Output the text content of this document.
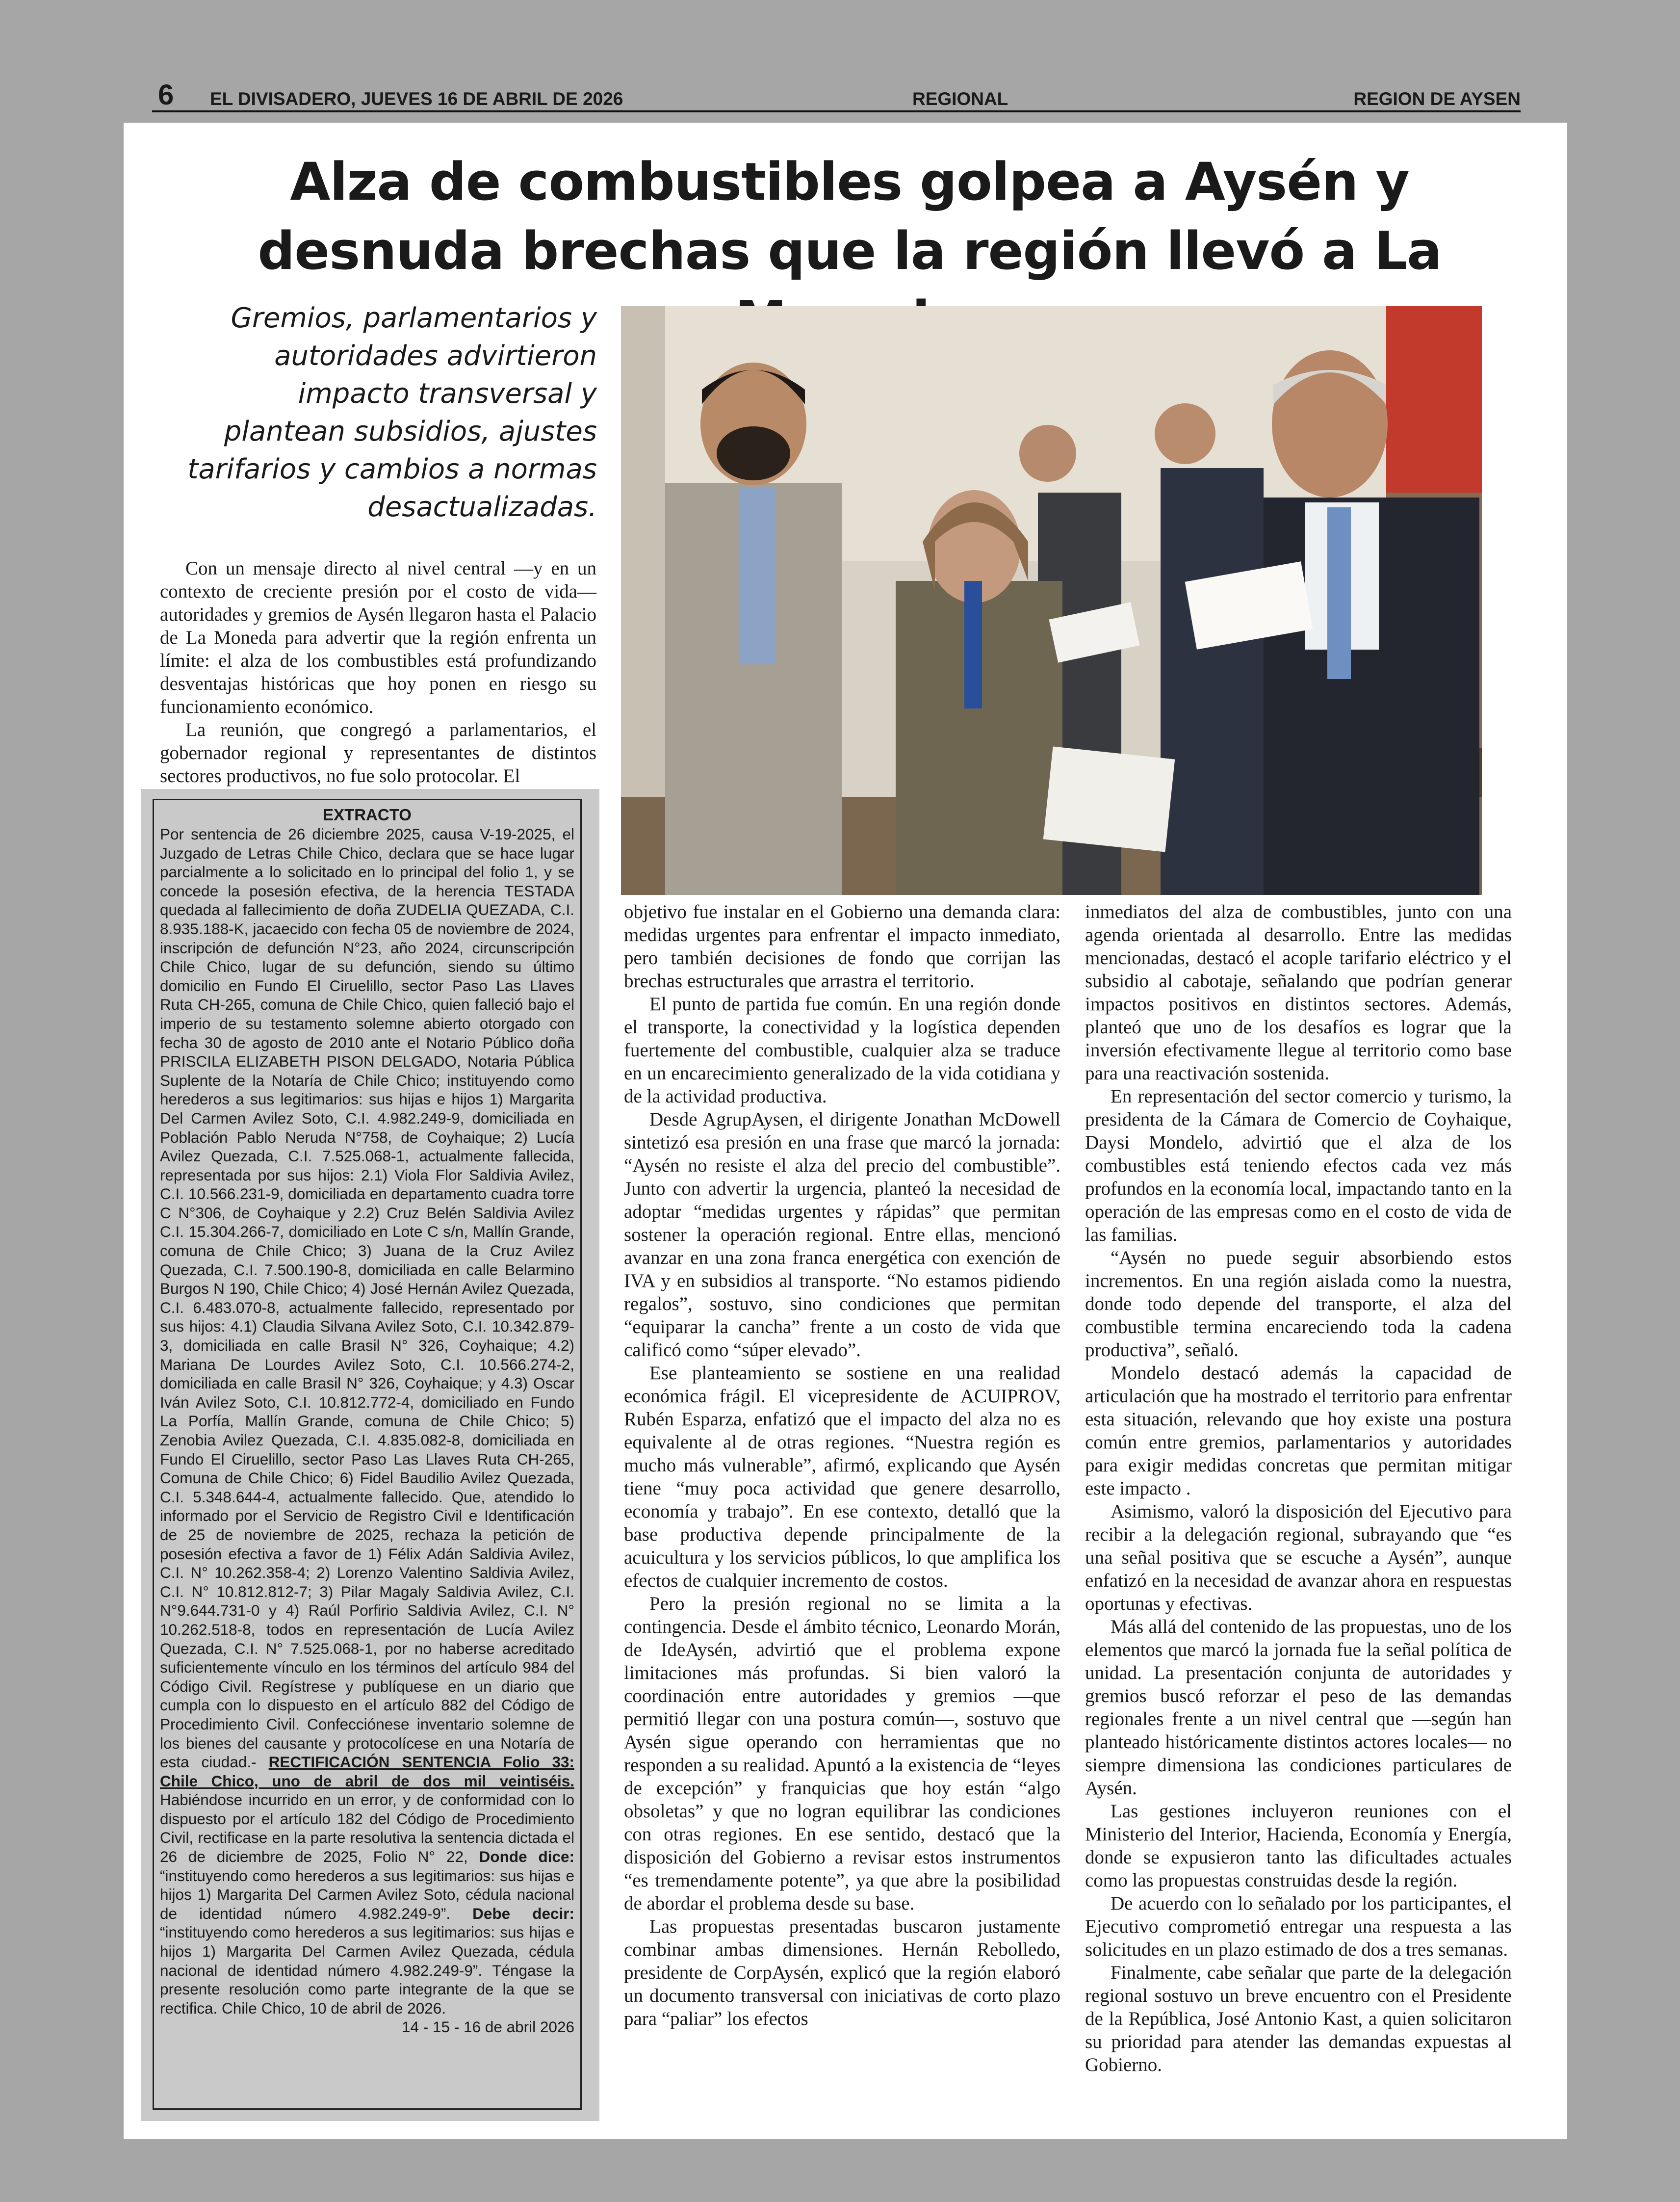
6 EL DIVISADERO, JUEVES 16 DE ABRIL DE 2026	REGIONAL	REGION DE AYSEN
Alza de combustibles golpea a Aysén y desnuda brechas que la región llevó a La

Gremios, parlamentarios y autoridades advirtieron impacto transversal y plantean subsidios, ajustes tarifarios y cambios a normas desactualizadas.

Con un mensaje directo al nivel central —y en un contexto de creciente presión por el costo de vida— autoridades y gremios de Aysén llegaron hasta el Palacio de La Moneda para advertir que la región enfrenta un límite: el alza de los combustibles está profundizando desventajas históricas que hoy ponen en riesgo su funcionamiento económico.

La reunión, que congregó a parlamentarios, el gobernador regional y representantes de distintos sectores productivos, no fue solo protocolar. El

EXTRACTO
Por sentencia de 26 diciembre 2025, causa V-19-2025, el Juzgado de Letras Chile Chico, declara que se hace lugar parcialmente a lo solicitado en lo principal del folio 1, y se concede la posesión efectiva, de la herencia TESTADA quedada al fallecimiento de doña ZUDELIA QUEZADA, C.I. 8.935.188-K, jacaecido con fecha 05 de noviembre de 2024, inscripción de defunción N°23, año 2024, circunscripción Chile Chico, lugar de su defunción, siendo su último domicilio en Fundo El Ciruelillo, sector Paso Las Llaves Ruta CH-265, comuna de Chile Chico, quien falleció bajo el imperio de su testamento solemne abierto otorgado con fecha 30 de agosto de 2010 ante el Notario Público doña PRISCILA ELIZABETH PISON DELGADO, Notaria Pública Suplente de la Notaría de Chile Chico; instituyendo como herederos a sus legitimarios: sus hijas e hijos 1) Margarita Del Carmen Avilez Soto, C.I. 4.982.249-9, domiciliada en Población Pablo Neruda N°758, de Coyhaique; 2) Lucía Avilez Quezada, C.I. 7.525.068-1, actualmente fallecida, representada por sus hijos: 2.1) Viola Flor Saldivia Avilez, C.I. 10.566.231-9, domiciliada en departamento cuadra torre C N°306, de Coyhaique y 2.2) Cruz Belén Saldivia Avilez C.I. 15.304.266-7, domiciliado en Lote C s/n, Mallín Grande, comuna de Chile Chico; 3) Juana de la Cruz Avilez Quezada, C.I. 7.500.190-8, domiciliada en calle Belarmino Burgos N 190, Chile Chico; 4) José Hernán Avilez Quezada, C.I. 6.483.070-8, actualmente fallecido, representado por sus hijos: 4.1) Claudia Silvana Avilez Soto, C.I. 10.342.879-3, domiciliada en calle Brasil N° 326, Coyhaique; 4.2) Mariana De Lourdes Avilez Soto, C.I. 10.566.274-2, domiciliada en calle Brasil N° 326, Coyhaique; y 4.3) Oscar Iván Avilez Soto, C.I. 10.812.772-4, domiciliado en Fundo La Porfía, Mallín Grande, comuna de Chile Chico; 5) Zenobia Avilez Quezada, C.I. 4.835.082-8, domiciliada en Fundo El Ciruelillo, sector Paso Las Llaves Ruta CH-265, Comuna de Chile Chico; 6) Fidel Baudilio Avilez Quezada, C.I. 5.348.644-4, actualmente fallecido. Que, atendido lo informado por el Servicio de Registro Civil e Identificación de 25 de noviembre de 2025, rechaza la petición de posesión efectiva a favor de 1) Félix Adán Saldivia Avilez, C.I. N° 10.262.358-4; 2) Lorenzo Valentino Saldivia Avilez, C.I. N° 10.812.812-7; 3) Pilar Magaly Saldivia Avilez, C.I. N°9.644.731-0 y 4) Raúl Porfirio Saldivia Avilez, C.I. N° 10.262.518-8, todos en representación de Lucía Avilez Quezada, C.I. N° 7.525.068-1, por no haberse acreditado suficientemente vínculo en los términos del artículo 984 del Código Civil. Regístrese y publíquese en un diario que cumpla con lo dispuesto en el artículo 882 del Código de Procedimiento Civil. Confecciónese inventario solemne de los bienes del causante y protocolícese en una Notaría de esta ciudad.- RECTIFICACIÓN SENTENCIA Folio 33: Chile Chico, uno de abril de dos mil veintiséis. Habiéndose incurrido en un error, y de conformidad con lo dispuesto por el artículo 182 del Código de Procedimiento Civil, rectificase en la parte resolutiva la sentencia dictada el 26 de diciembre de 2025, Folio N° 22, Donde dice: “instituyendo como herederos a sus legitimarios: sus hijas e hijos 1) Margarita Del Carmen Avilez Soto, cédula nacional de identidad número 4.982.249-9”. Debe decir: “instituyendo como herederos a sus legitimarios: sus hijas e hijos 1) Margarita Del Carmen Avilez Quezada, cédula nacional de identidad número 4.982.249-9”. Téngase la presente resolución como parte integrante de la que se rectifica. Chile Chico, 10 de abril de 2026.
14 - 15 - 16 de abril 2026

objetivo fue instalar en el Gobierno una demanda clara: medidas urgentes para enfrentar el impacto inmediato, pero también decisiones de fondo que corrijan las brechas estructurales que arrastra el territorio.

El punto de partida fue común. En una región donde el transporte, la conectividad y la logística dependen fuertemente del combustible, cualquier alza se traduce en un encarecimiento generalizado de la vida cotidiana y de la actividad productiva.

Desde AgrupAysen, el dirigente Jonathan McDowell sintetizó esa presión en una frase que marcó la jornada: “Aysén no resiste el alza del precio del combustible”. Junto con advertir la urgencia, planteó la necesidad de adoptar “medidas urgentes y rápidas” que permitan sostener la operación regional. Entre ellas, mencionó avanzar en una zona franca energética con exención de IVA y en subsidios al transporte. “No estamos pidiendo regalos”, sostuvo, sino condiciones que permitan “equiparar la cancha” frente a un costo de vida que calificó como “súper elevado”.

Ese planteamiento se sostiene en una realidad económica frágil. El vicepresidente de ACUIPROV, Rubén Esparza, enfatizó que el impacto del alza no es equivalente al de otras regiones. “Nuestra región es mucho más vulnerable”, afirmó, explicando que Aysén tiene “muy poca actividad que genere desarrollo, economía y trabajo”. En ese contexto, detalló que la base productiva depende principalmente de la acuicultura y los servicios públicos, lo que amplifica los efectos de cualquier incremento de costos.

Pero la presión regional no se limita a la contingencia. Desde el ámbito técnico, Leonardo Morán, de IdeAysén, advirtió que el problema expone limitaciones más profundas. Si bien valoró la coordinación entre autoridades y gremios —que permitió llegar con una postura común—, sostuvo que Aysén sigue operando con herramientas que no responden a su realidad. Apuntó a la existencia de “leyes de excepción” y franquicias que hoy están “algo obsoletas” y que no logran equilibrar las condiciones con otras regiones. En ese sentido, destacó que la disposición del Gobierno a revisar estos instrumentos “es tremendamente potente”, ya que abre la posibilidad de abordar el problema desde su base.

Las propuestas presentadas buscaron justamente combinar ambas dimensiones. Hernán Rebolledo, presidente de CorpAysén, explicó que la región elaboró un documento transversal con iniciativas de corto plazo para “paliar” los efectos

inmediatos del alza de combustibles, junto con una agenda orientada al desarrollo. Entre las medidas mencionadas, destacó el acople tarifario eléctrico y el subsidio al cabotaje, señalando que podrían generar impactos positivos en distintos sectores. Además, planteó que uno de los desafíos es lograr que la inversión efectivamente llegue al territorio como base para una reactivación sostenida.

En representación del sector comercio y turismo, la presidenta de la Cámara de Comercio de Coyhaique, Daysi Mondelo, advirtió que el alza de los combustibles está teniendo efectos cada vez más profundos en la economía local, impactando tanto en la operación de las empresas como en el costo de vida de las familias.

“Aysén no puede seguir absorbiendo estos incrementos. En una región aislada como la nuestra, donde todo depende del transporte, el alza del combustible termina encareciendo toda la cadena productiva”, señaló.

Mondelo destacó además la capacidad de articulación que ha mostrado el territorio para enfrentar esta situación, relevando que hoy existe una postura común entre gremios, parlamentarios y autoridades para exigir medidas concretas que permitan mitigar este impacto .

Asimismo, valoró la disposición del Ejecutivo para recibir a la delegación regional, subrayando que “es una señal positiva que se escuche a Aysén”, aunque enfatizó en la necesidad de avanzar ahora en respuestas oportunas y efectivas.

Más allá del contenido de las propuestas, uno de los elementos que marcó la jornada fue la señal política de unidad. La presentación conjunta de autoridades y gremios buscó reforzar el peso de las demandas regionales frente a un nivel central que —según han planteado históricamente distintos actores locales— no siempre dimensiona las condiciones particulares de Aysén.

Las gestiones incluyeron reuniones con el Ministerio del Interior, Hacienda, Economía y Energía, donde se expusieron tanto las dificultades actuales como las propuestas construidas desde la región.

De acuerdo con lo señalado por los participantes, el Ejecutivo comprometió entregar una respuesta a las solicitudes en un plazo estimado de dos a tres semanas.

Finalmente, cabe señalar que parte de la delegación regional sostuvo un breve encuentro con el Presidente de la República, José Antonio Kast, a quien solicitaron su prioridad para atender las demandas expuestas al Gobierno.
